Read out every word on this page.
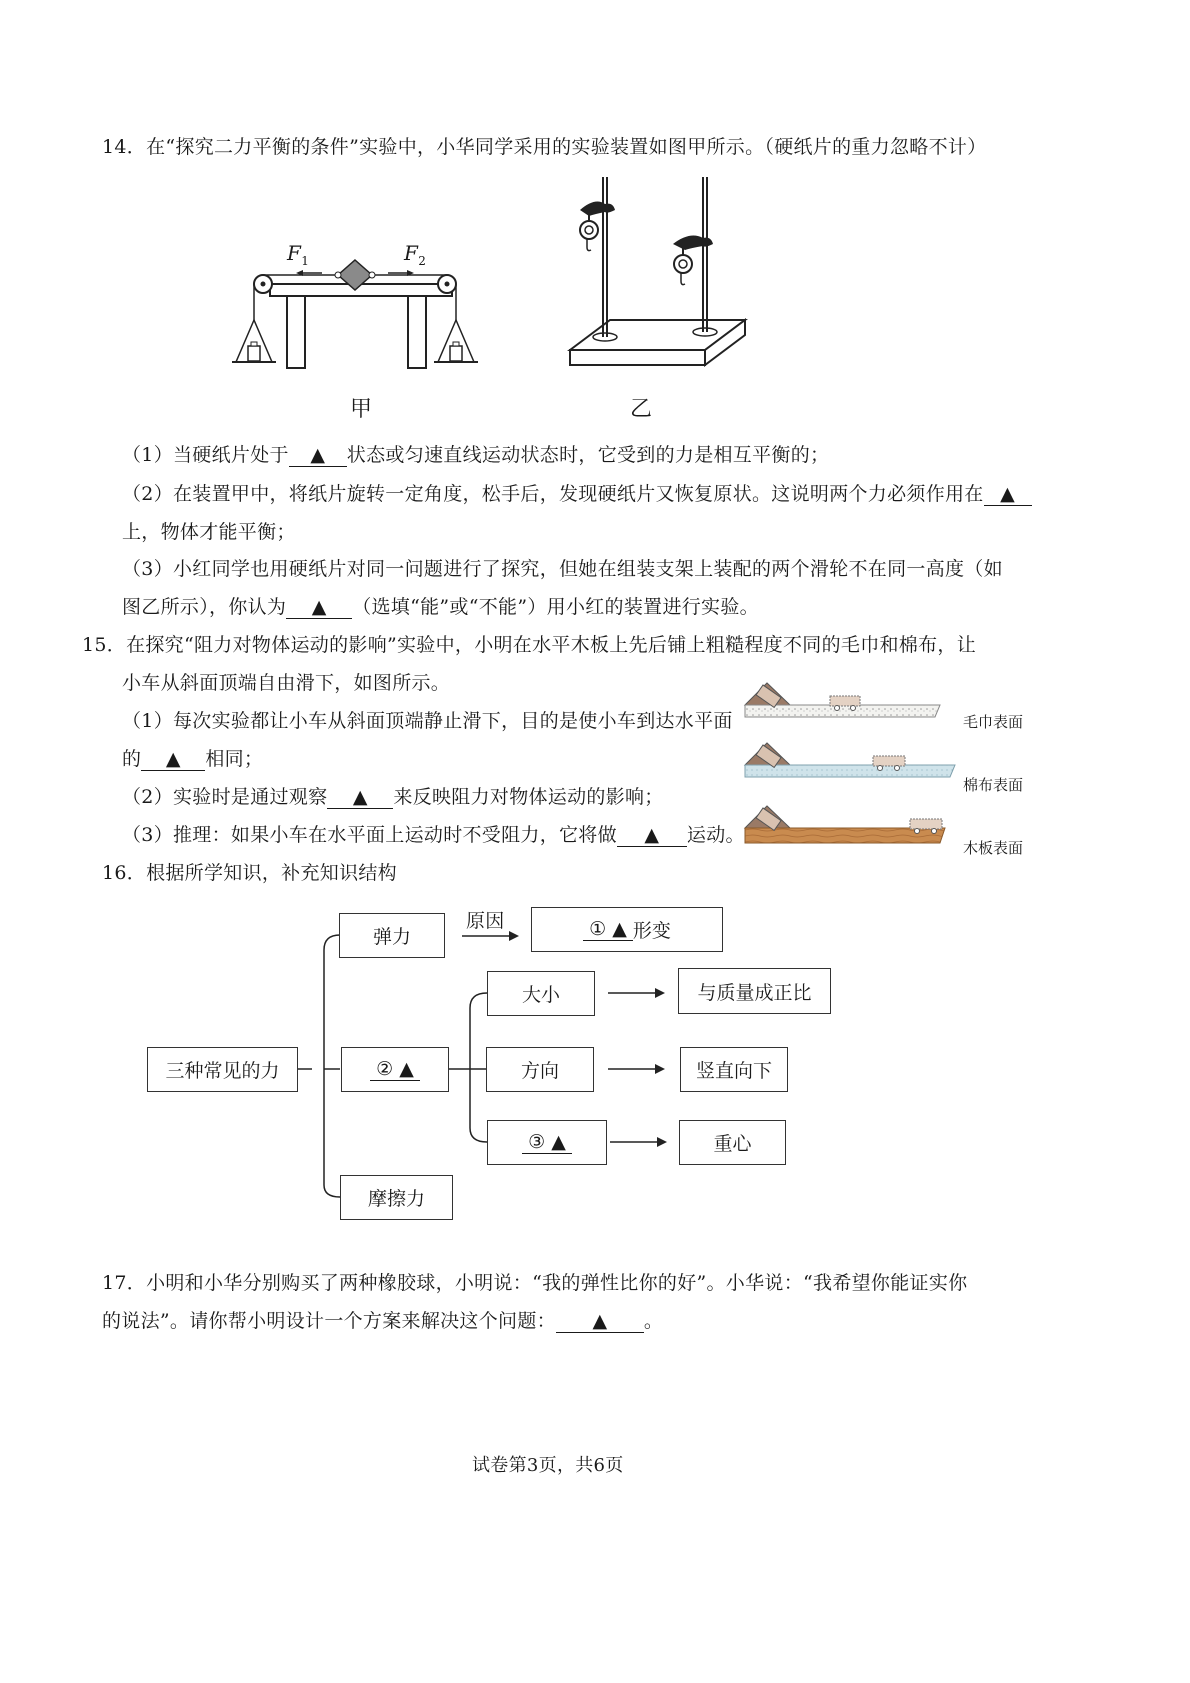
14．在“探究二力平衡的条件”实验中，小华同学采用的实验装置如图甲所示。（硬纸片的重力忽略不计）
$F_1$	$F_2$
甲	乙
（1）当硬纸片处于 ▲ 状态或匀速直线运动状态时，它受到的力是相互平衡的；
（2）在装置甲中，将纸片旋转一定角度，松手后，发现硬纸片又恢复原状。这说明两个力必须作用在 ▲
上，物体才能平衡；
（3）小红同学也用硬纸片对同一问题进行了探究，但她在组装支架上装配的两个滑轮不在同一高度（如
图乙所示），你认为 ▲ （选填“能”或“不能”）用小红的装置进行实验。
15．在探究“阻力对物体运动的影响”实验中，小明在水平木板上先后铺上粗糙程度不同的毛巾和棉布，让
小车从斜面顶端自由滑下，如图所示。
（1）每次实验都让小车从斜面顶端静止滑下，目的是使小车到达水平面
的 ▲ 相同；
（2）实验时是通过观察 ▲ 来反映阻力对物体运动的影响；
（3）推理：如果小车在水平面上运动时不受阻力，它将做 ▲ 运动。
毛巾表面
棉布表面
木板表面
16．根据所学知识，补充知识结构
三种常见的力
弹力
原因	① ▲ 形变
② ▲
大小	与质量成正比
方向	竖直向下
③ ▲	重心
摩擦力
17．小明和小华分别购买了两种橡胶球，小明说：“我的弹性比你的好”。小华说：“我希望你能证实你
的说法”。请你帮小明设计一个方案来解决这个问题： ▲ 。
试卷第3页，共6页
